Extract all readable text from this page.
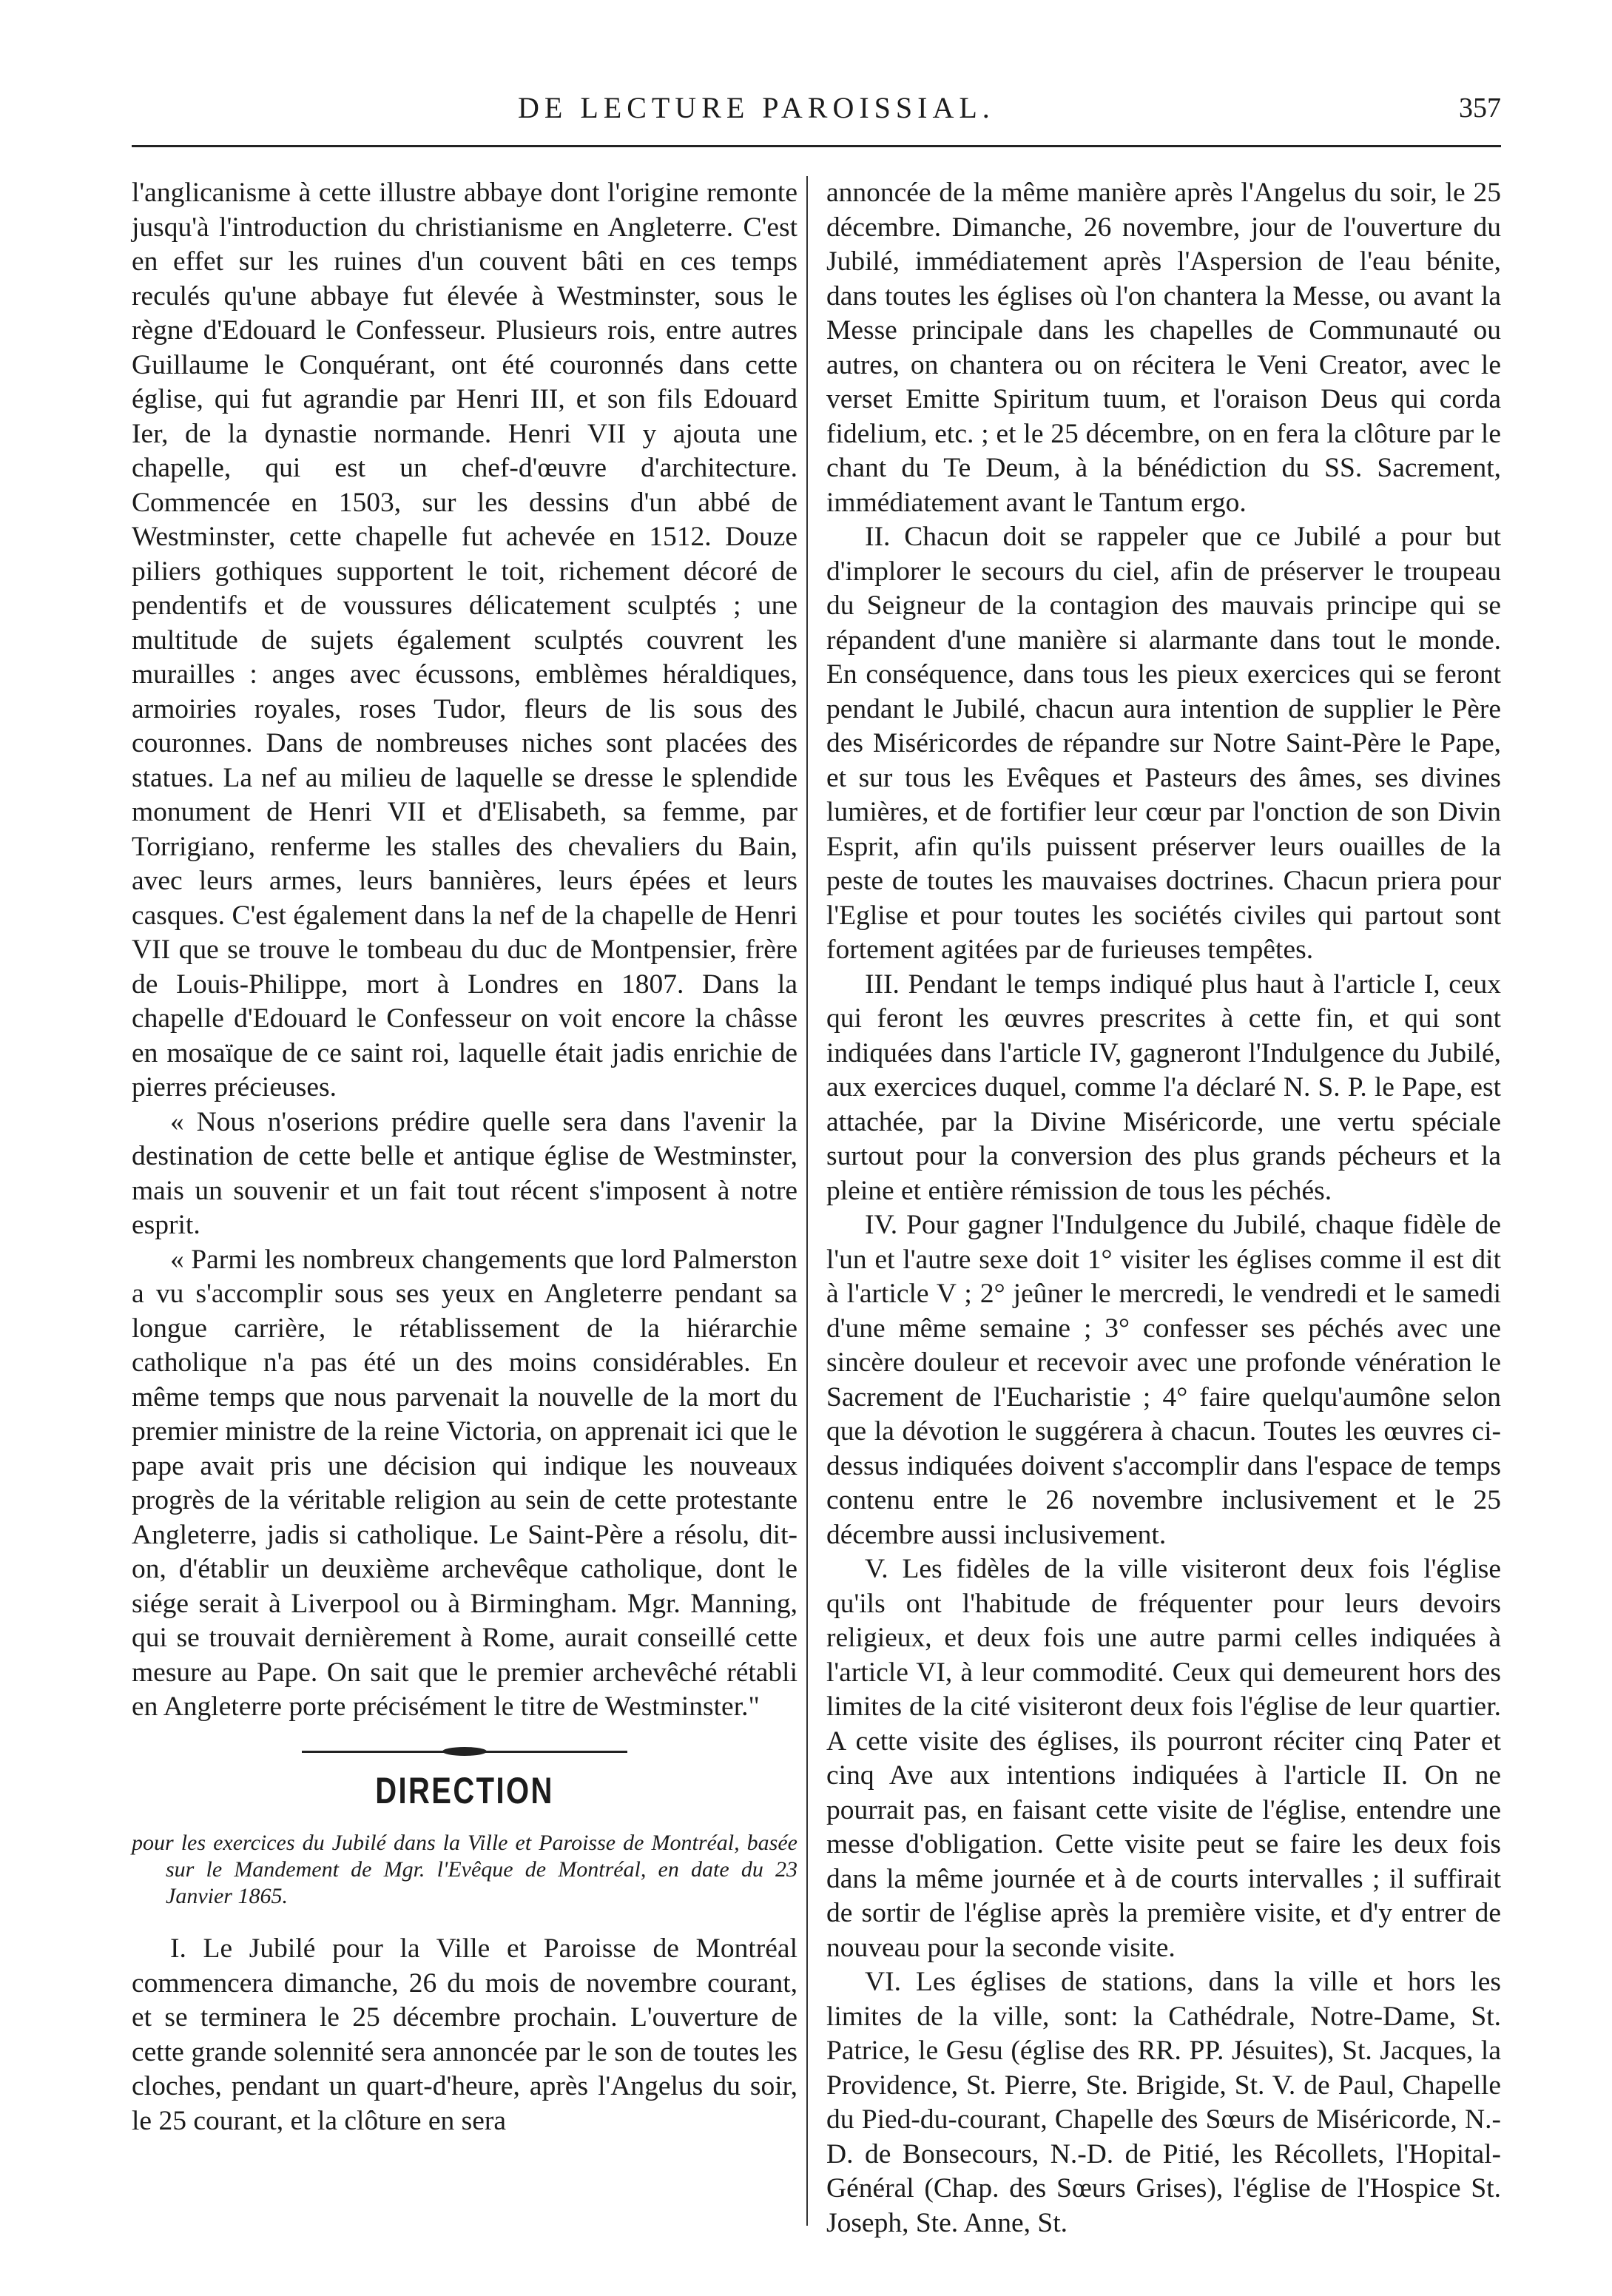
DE LECTURE PAROISSIAL.	357

l'anglicanisme à cette illustre abbaye dont l'origine remonte jusqu'à l'introduction du christianisme en Angleterre. C'est en effet sur les ruines d'un couvent bâti en ces temps reculés qu'une abbaye fut élevée à Westminster, sous le règne d'Edouard le Confesseur. Plusieurs rois, entre autres Guillaume le Conquérant, ont été couronnés dans cette église, qui fut agrandie par Henri III, et son fils Edouard Ier, de la dynastie normande. Henri VII y ajouta une chapelle, qui est un chef-d'œuvre d'architecture. Commencée en 1503, sur les dessins d'un abbé de Westminster, cette chapelle fut achevée en 1512. Douze piliers gothiques supportent le toit, richement décoré de pendentifs et de voussures délicatement sculptés ; une multitude de sujets également sculptés couvrent les murailles : anges avec écussons, emblèmes héraldiques, armoiries royales, roses Tudor, fleurs de lis sous des couronnes. Dans de nombreuses niches sont placées des statues. La nef au milieu de laquelle se dresse le splendide monument de Henri VII et d'Elisabeth, sa femme, par Torrigiano, renferme les stalles des chevaliers du Bain, avec leurs armes, leurs bannières, leurs épées et leurs casques. C'est également dans la nef de la chapelle de Henri VII que se trouve le tombeau du duc de Montpensier, frère de Louis-Philippe, mort à Londres en 1807. Dans la chapelle d'Edouard le Confesseur on voit encore la châsse en mosaïque de ce saint roi, laquelle était jadis enrichie de pierres précieuses.

« Nous n'oserions prédire quelle sera dans l'avenir la destination de cette belle et antique église de Westminster, mais un souvenir et un fait tout récent s'imposent à notre esprit.

« Parmi les nombreux changements que lord Palmerston a vu s'accomplir sous ses yeux en Angleterre pendant sa longue carrière, le rétablissement de la hiérarchie catholique n'a pas été un des moins considérables. En même temps que nous parvenait la nouvelle de la mort du premier ministre de la reine Victoria, on apprenait ici que le pape avait pris une décision qui indique les nouveaux progrès de la véritable religion au sein de cette protestante Angleterre, jadis si catholique. Le Saint-Père a résolu, dit-on, d'établir un deuxième archevêque catholique, dont le siége serait à Liverpool ou à Birmingham. Mgr. Manning, qui se trouvait dernièrement à Rome, aurait conseillé cette mesure au Pape. On sait que le premier archevêché rétabli en Angleterre porte précisément le titre de Westminster."

DIRECTION
pour les exercices du Jubilé dans la Ville et Paroisse de Montréal, basée sur le Mandement de Mgr. l'Evêque de Montréal, en date du 23 Janvier 1865.

I. Le Jubilé pour la Ville et Paroisse de Montréal commencera dimanche, 26 du mois de novembre courant, et se terminera le 25 décembre prochain. L'ouverture de cette grande solennité sera annoncée par le son de toutes les cloches, pendant un quart-d'heure, après l'Angelus du soir, le 25 courant, et la clôture en sera

annoncée de la même manière après l'Angelus du soir, le 25 décembre. Dimanche, 26 novembre, jour de l'ouverture du Jubilé, immédiatement après l'Aspersion de l'eau bénite, dans toutes les églises où l'on chantera la Messe, ou avant la Messe principale dans les chapelles de Communauté ou autres, on chantera ou on récitera le Veni Creator, avec le verset Emitte Spiritum tuum, et l'oraison Deus qui corda fidelium, etc. ; et le 25 décembre, on en fera la clôture par le chant du Te Deum, à la bénédiction du SS. Sacrement, immédiatement avant le Tantum ergo.

II. Chacun doit se rappeler que ce Jubilé a pour but d'implorer le secours du ciel, afin de préserver le troupeau du Seigneur de la contagion des mauvais principe qui se répandent d'une manière si alarmante dans tout le monde. En conséquence, dans tous les pieux exercices qui se feront pendant le Jubilé, chacun aura intention de supplier le Père des Miséricordes de répandre sur Notre Saint-Père le Pape, et sur tous les Evêques et Pasteurs des âmes, ses divines lumières, et de fortifier leur cœur par l'onction de son Divin Esprit, afin qu'ils puissent préserver leurs ouailles de la peste de toutes les mauvaises doctrines. Chacun priera pour l'Eglise et pour toutes les sociétés civiles qui partout sont fortement agitées par de furieuses tempêtes.

III. Pendant le temps indiqué plus haut à l'article I, ceux qui feront les œuvres prescrites à cette fin, et qui sont indiquées dans l'article IV, gagneront l'Indulgence du Jubilé, aux exercices duquel, comme l'a déclaré N. S. P. le Pape, est attachée, par la Divine Miséricorde, une vertu spéciale surtout pour la conversion des plus grands pécheurs et la pleine et entière rémission de tous les péchés.

IV. Pour gagner l'Indulgence du Jubilé, chaque fidèle de l'un et l'autre sexe doit 1° visiter les églises comme il est dit à l'article V ; 2° jeûner le mercredi, le vendredi et le samedi d'une même semaine ; 3° confesser ses péchés avec une sincère douleur et recevoir avec une profonde vénération le Sacrement de l'Eucharistie ; 4° faire quelqu'aumône selon que la dévotion le suggérera à chacun. Toutes les œuvres ci-dessus indiquées doivent s'accomplir dans l'espace de temps contenu entre le 26 novembre inclusivement et le 25 décembre aussi inclusivement.

V. Les fidèles de la ville visiteront deux fois l'église qu'ils ont l'habitude de fréquenter pour leurs devoirs religieux, et deux fois une autre parmi celles indiquées à l'article VI, à leur commodité. Ceux qui demeurent hors des limites de la cité visiteront deux fois l'église de leur quartier. A cette visite des églises, ils pourront réciter cinq Pater et cinq Ave aux intentions indiquées à l'article II. On ne pourrait pas, en faisant cette visite de l'église, entendre une messe d'obligation. Cette visite peut se faire les deux fois dans la même journée et à de courts intervalles ; il suffirait de sortir de l'église après la première visite, et d'y entrer de nouveau pour la seconde visite.

VI. Les églises de stations, dans la ville et hors les limites de la ville, sont: la Cathédrale, Notre-Dame, St. Patrice, le Gesu (église des RR. PP. Jésuites), St. Jacques, la Providence, St. Pierre, Ste. Brigide, St. V. de Paul, Chapelle du Pied-du-courant, Chapelle des Sœurs de Miséricorde, N.-D. de Bonsecours, N.-D. de Pitié, les Récollets, l'Hopital-Général (Chap. des Sœurs Grises), l'église de l'Hospice St. Joseph, Ste. Anne, St.
